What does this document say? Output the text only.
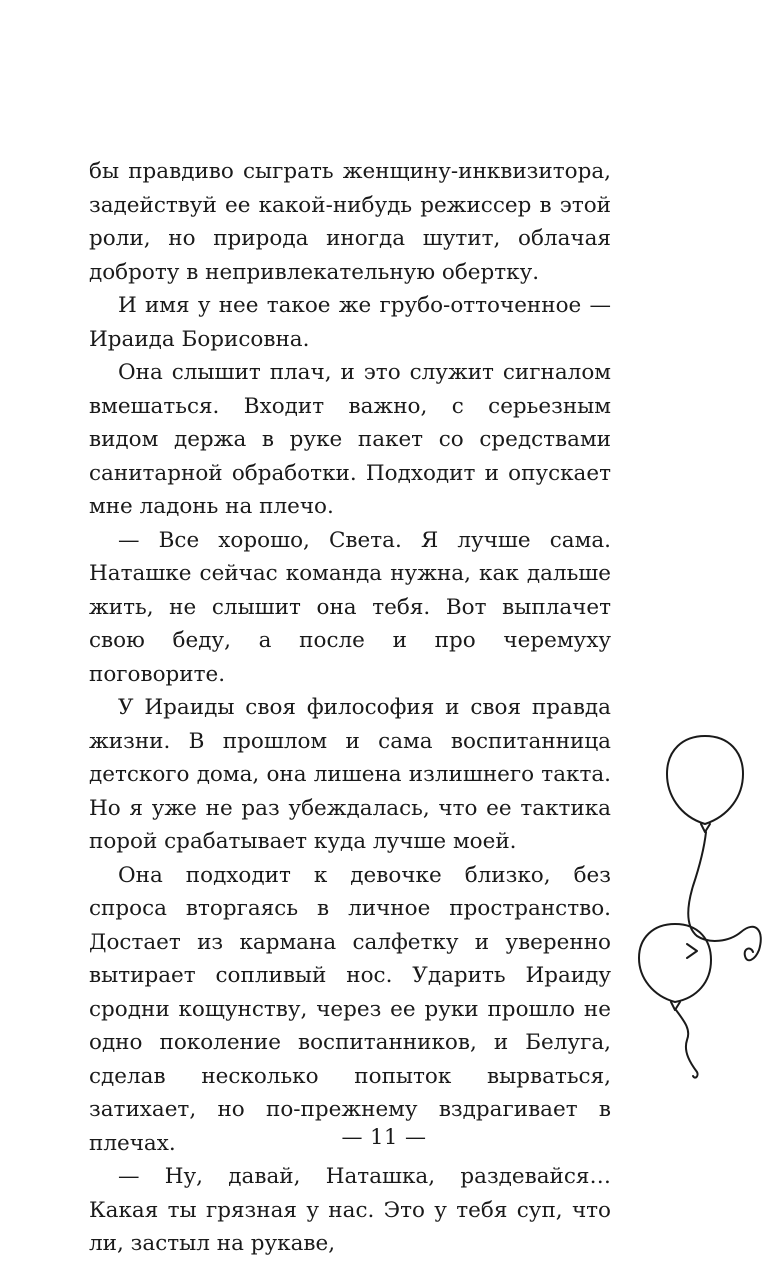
бы правдиво сыграть женщину-инквизитора, задействуй ее какой-нибудь режиссер в этой роли, но природа иногда шутит, облачая доброту в непривлекательную обертку.

И имя у нее такое же грубо-отточенное — Ираида Борисовна.

Она слышит плач, и это служит сигналом вмешаться. Входит важно, с серьезным видом держа в руке пакет со средствами санитарной обработки. Подходит и опускает мне ладонь на плечо.

— Все хорошо, Света. Я лучше сама. Наташке сейчас команда нужна, как дальше жить, не слышит она тебя. Вот выплачет свою беду, а после и про черемуху поговорите.

У Ираиды своя философия и своя правда жизни. В прошлом и сама воспитанница детского дома, она лишена излишнего такта. Но я уже не раз убеждалась, что ее тактика порой срабатывает куда лучше моей.

Она подходит к девочке близко, без спроса вторгаясь в личное пространство. Достает из кармана салфетку и уверенно вытирает сопливый нос. Ударить Ираиду сродни кощунству, через ее руки прошло не одно поколение воспитанников, и Белуга, сделав несколько попыток вырваться, затихает, но по-прежнему вздрагивает в плечах.

— Ну, давай, Наташка, раздевайся… Какая ты грязная у нас. Это у тебя суп, что ли, застыл на рукаве,

— 11 —
